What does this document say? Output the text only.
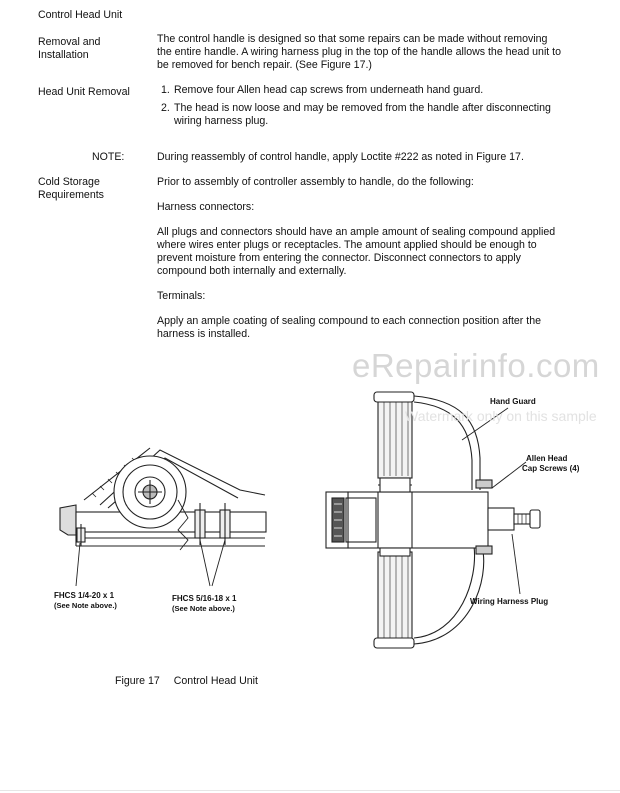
Control Head Unit
Removal and Installation
The control handle is designed so that some repairs can be made without removing the entire handle. A wiring harness plug in the top of the handle allows the head unit to be removed for bench repair. (See Figure 17.)
Head Unit Removal	1. Remove four Allen head cap screws from underneath hand guard.
2. The head is now loose and may be removed from the handle after disconnecting wiring harness plug.
NOTE:	During reassembly of control handle, apply Loctite #222 as noted in Figure 17.
Cold Storage Requirements
Prior to assembly of controller assembly to handle, do the following:
Harness connectors:
All plugs and connectors should have an ample amount of sealing compound applied where wires enter plugs or receptacles. The amount applied should be enough to prevent moisture from entering the connector. Disconnect connectors to apply compound both internally and externally.
Terminals:
Apply an ample coating of sealing compound to each connection position after the harness is installed.
FHCS 1/4-20 x 1
(See Note above.)
FHCS 5/16-18 x 1
(See Note above.)
Hand Guard
Allen Head
Cap Screws (4)
Wiring Harness Plug
eRepairinfo.com
Watermark only on this sample
Figure 17 Control Head Unit
